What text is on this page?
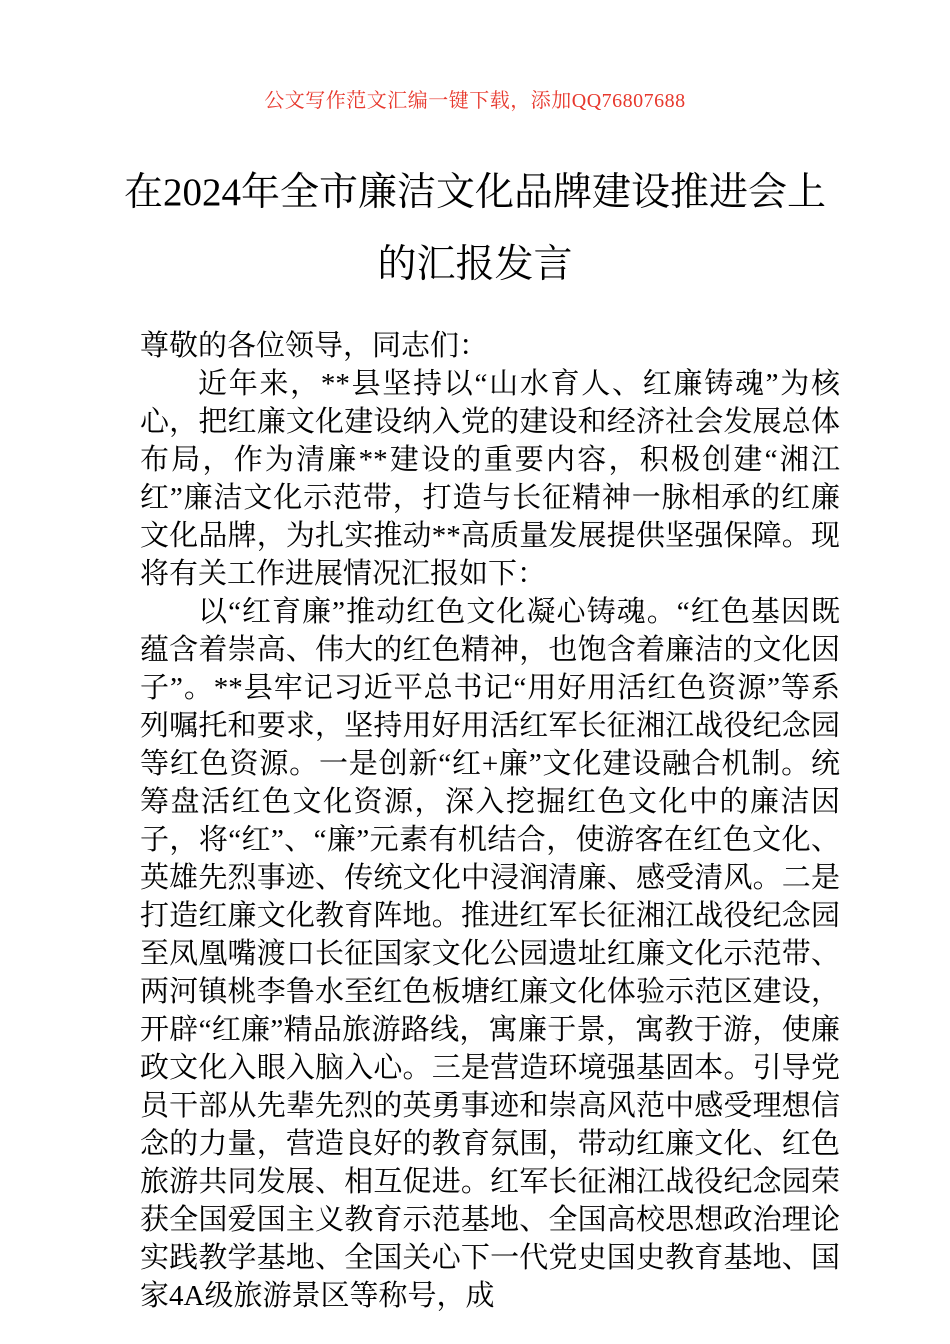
公文写作范文汇编一键下载，添加QQ76807688
在2024年全市廉洁文化品牌建设推进会上
的汇报发言
尊敬的各位领导，同志们：
近年来，**县坚持以“山水育人、红廉铸魂”为核心，把红廉文化建设纳入党的建设和经济社会发展总体布局，作为清廉**建设的重要内容，积极创建“湘江红”廉洁文化示范带，打造与长征精神一脉相承的红廉文化品牌，为扎实推动**高质量发展提供坚强保障。现将有关工作进展情况汇报如下：
以“红育廉”推动红色文化凝心铸魂。“红色基因既蕴含着崇高、伟大的红色精神，也饱含着廉洁的文化因子”。**县牢记习近平总书记“用好用活红色资源”等系列嘱托和要求，坚持用好用活红军长征湘江战役纪念园等红色资源。一是创新“红+廉”文化建设融合机制。统筹盘活红色文化资源，深入挖掘红色文化中的廉洁因子，将“红”、“廉”元素有机结合，使游客在红色文化、英雄先烈事迹、传统文化中浸润清廉、感受清风。二是打造红廉文化教育阵地。推进红军长征湘江战役纪念园至凤凰嘴渡口长征国家文化公园遗址红廉文化示范带、两河镇桃李鲁水至红色板塘红廉文化体验示范区建设，开辟“红廉”精品旅游路线，寓廉于景，寓教于游，使廉政文化入眼入脑入心。三是营造环境强基固本。引导党员干部从先辈先烈的英勇事迹和崇高风范中感受理想信念的力量，营造良好的教育氛围，带动红廉文化、红色旅游共同发展、相互促进。红军长征湘江战役纪念园荣获全国爱国主义教育示范基地、全国高校思想政治理论实践教学基地、全国关心下一代党史国史教育基地、国家4A级旅游景区等称号，成
